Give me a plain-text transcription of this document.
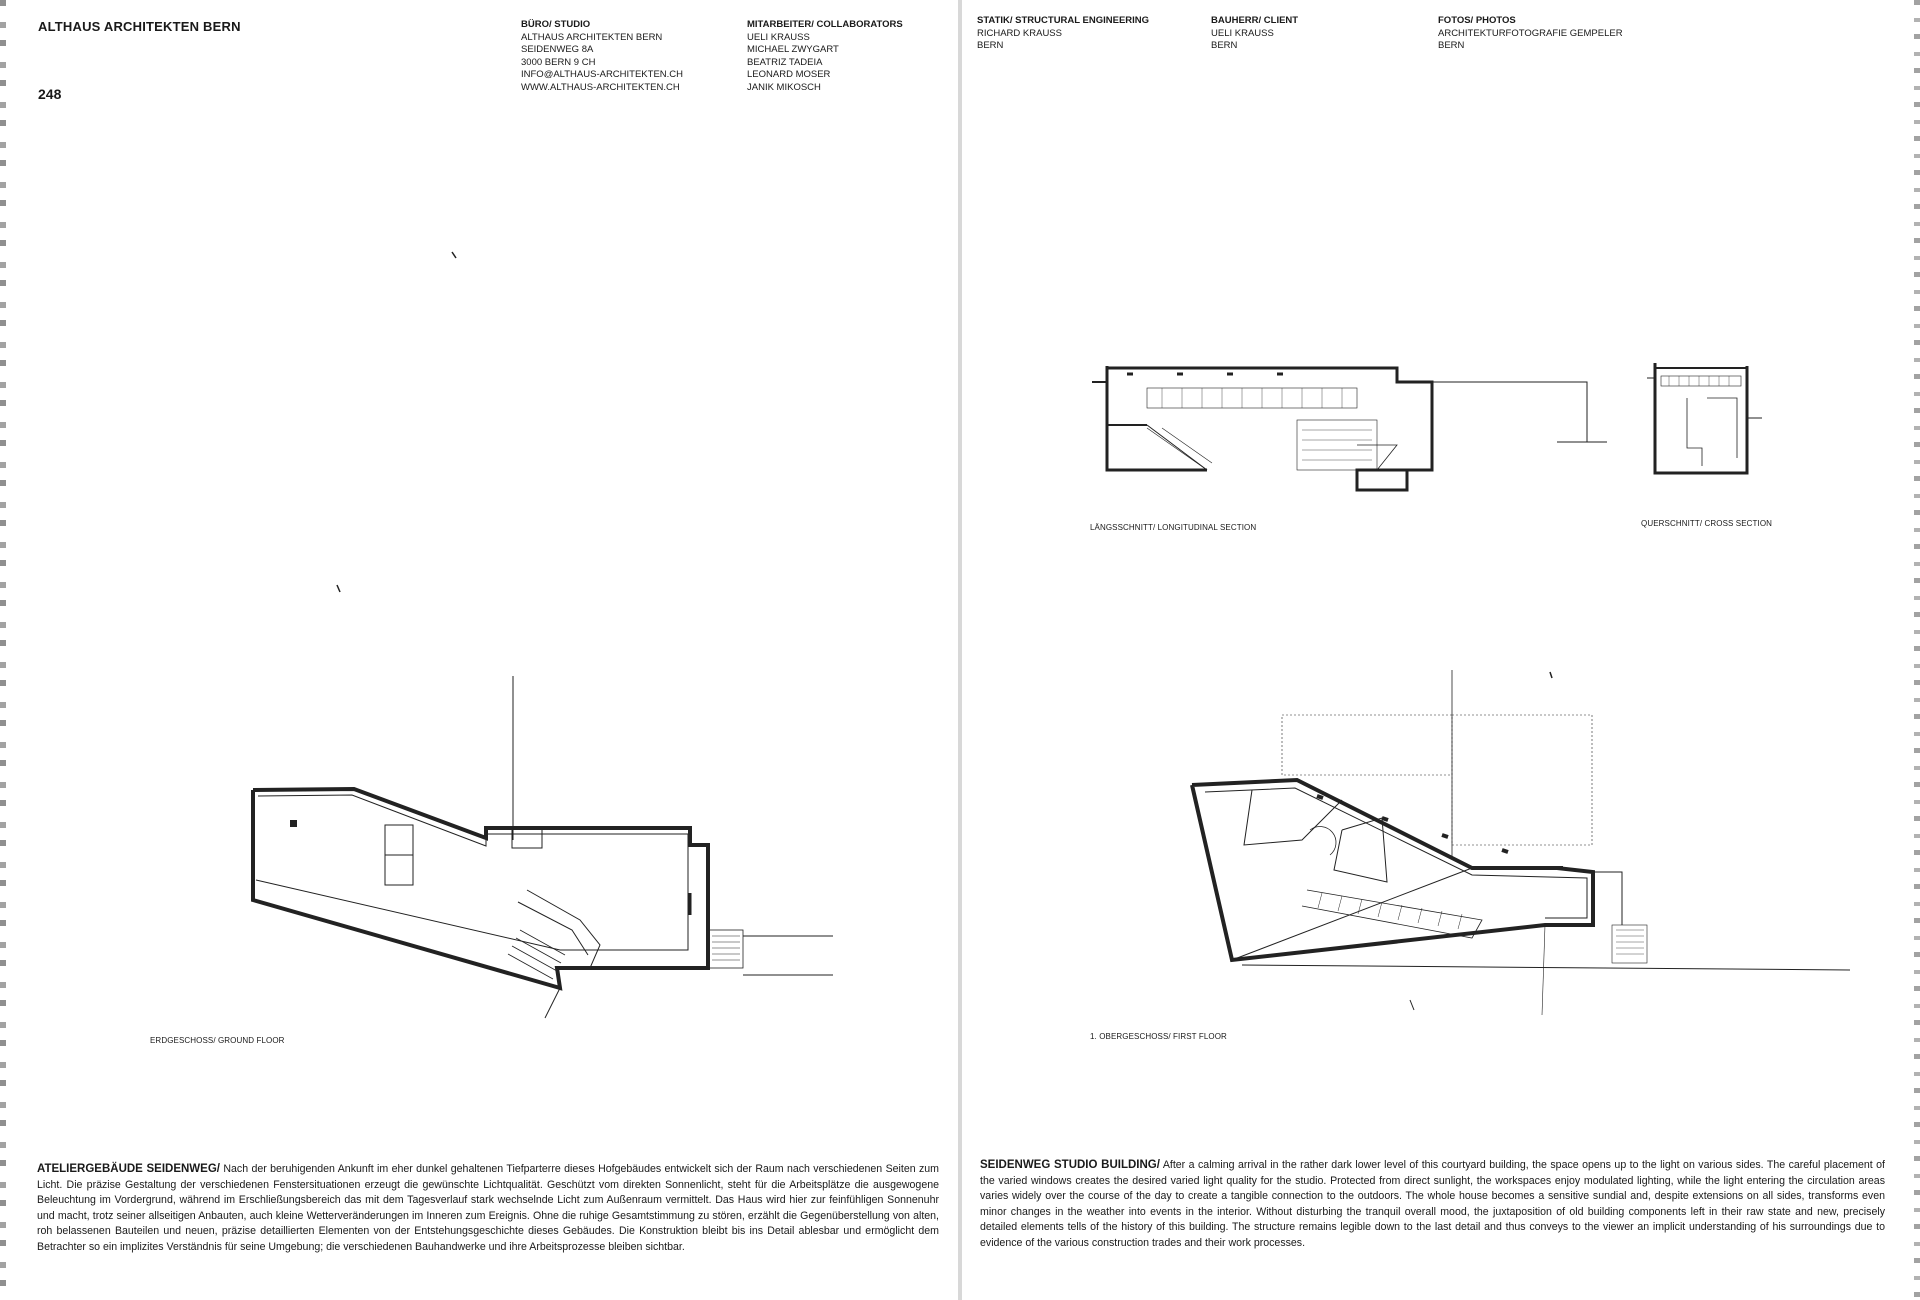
ALTHAUS ARCHITEKTEN BERN
248
BÜRO/ STUDIO
ALTHAUS ARCHITEKTEN BERN
SEIDENWEG 8A
3000 BERN 9 CH
INFO@ALTHAUS-ARCHITEKTEN.CH
WWW.ALTHAUS-ARCHITEKTEN.CH
MITARBEITER/ COLLABORATORS
UELI KRAUSS
MICHAEL ZWYGART
BEATRIZ TADEIA
LEONARD MOSER
JANIK MIKOSCH
ERDGESCHOSS/ GROUND FLOOR
ATELIERGEBÄUDE SEIDENWEG/ Nach der beruhigenden Ankunft im eher dunkel gehaltenen Tiefparterre dieses Hofgebäudes entwickelt sich der Raum nach verschiedenen Seiten zum Licht. Die präzise Gestaltung der verschiedenen Fenstersituationen erzeugt die gewünschte Lichtqualität. Geschützt vom direkten Sonnenlicht, steht für die Arbeitsplätze die ausgewogene Beleuchtung im Vordergrund, während im Erschließungsbereich das mit dem Tagesverlauf stark wechselnde Licht zum Außenraum vermittelt. Das Haus wird hier zur feinfühligen Sonnenuhr und macht, trotz seiner allseitigen Anbauten, auch kleine Wetterveränderungen im Inneren zum Ereignis. Ohne die ruhige Gesamtstimmung zu stören, erzählt die Gegenüberstellung von alten, roh belassenen Bauteilen und neuen, präzise detaillierten Elementen von der Entstehungsgeschichte dieses Gebäudes. Die Konstruktion bleibt bis ins Detail ablesbar und ermöglicht dem Betrachter so ein implizites Verständnis für seine Umgebung; die verschiedenen Bauhandwerke und ihre Arbeitsprozesse bleiben sichtbar.
STATIK/ STRUCTURAL ENGINEERING
RICHARD KRAUSS
BERN
BAUHERR/ CLIENT
UELI KRAUSS
BERN
FOTOS/ PHOTOS
ARCHITEKTURFOTOGRAFIE GEMPELER
BERN
LÄNGSSCHNITT/ LONGITUDINAL SECTION	QUERSCHNITT/ CROSS SECTION
1. OBERGESCHOSS/ FIRST FLOOR
SEIDENWEG STUDIO BUILDING/ After a calming arrival in the rather dark lower level of this courtyard building, the space opens up to the light on various sides. The careful placement of the varied windows creates the desired varied light quality for the studio. Protected from direct sunlight, the workspaces enjoy modulated lighting, while the light entering the circulation areas varies widely over the course of the day to create a tangible connection to the outdoors. The whole house becomes a sensitive sundial and, despite extensions on all sides, transforms even minor changes in the weather into events in the interior. Without disturbing the tranquil overall mood, the juxtaposition of old building components left in their raw state and new, precisely detailed elements tells of the history of this building. The structure remains legible down to the last detail and thus conveys to the viewer an implicit understanding of his surroundings due to evidence of the various construction trades and their work processes.
